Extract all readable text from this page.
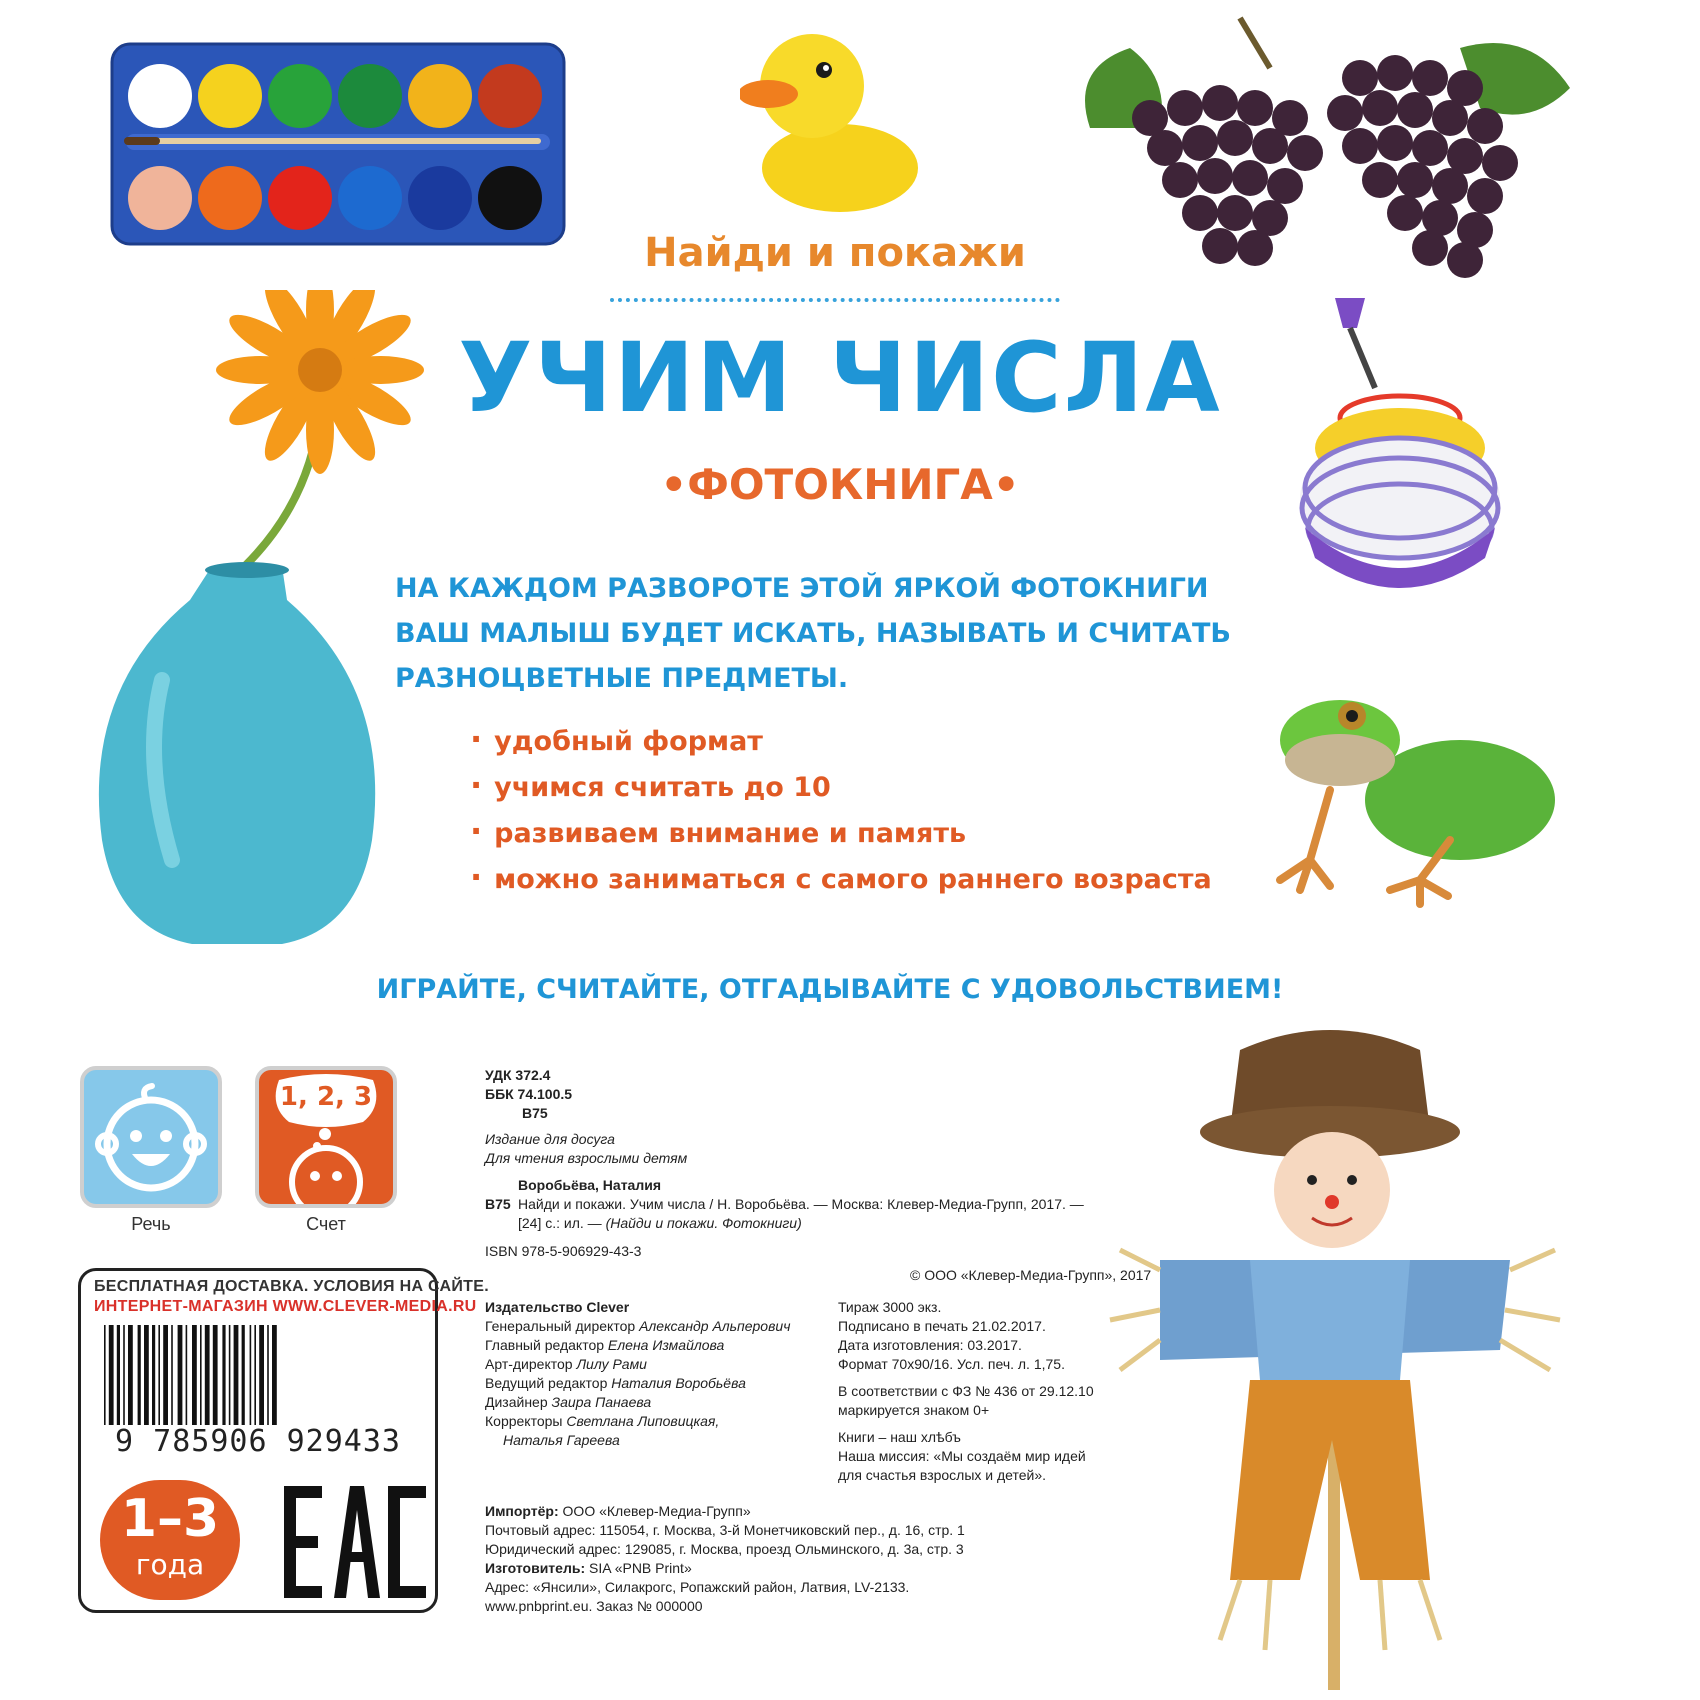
Найди и покажи
УЧИМ ЧИСЛА
•ФОТОКНИГА•
НА КАЖДОМ РАЗВОРОТЕ ЭТОЙ ЯРКОЙ ФОТОКНИГИ
ВАШ МАЛЫШ БУДЕТ ИСКАТЬ, НАЗЫВАТЬ И СЧИТАТЬ
РАЗНОЦВЕТНЫЕ ПРЕДМЕТЫ.
· удобный формат
· учимся считать до 10
· развиваем внимание и память
· можно заниматься с самого раннего возраста
ИГРАЙТЕ, СЧИТАЙТЕ, ОТГАДЫВАЙТЕ С УДОВОЛЬСТВИЕМ!
Речь
1, 2, 3
Счет
УДК 372.4
ББК 74.100.5
В75
Издание для досуга
Для чтения взрослыми детям
Воробьёва, Наталия
В75 Найди и покажи. Учим числа / Н. Воробьёва. — Москва: Клевер-Медиа-Групп, 2017. —
[24] с.: ил. — (Найди и покажи. Фотокниги)
ISBN 978-5-906929-43-3
© ООО «Клевер-Медиа-Групп», 2017
Издательство Clever
Генеральный директор Александр Альперович
Главный редактор Елена Измайлова
Арт-директор Лилу Рами
Ведущий редактор Наталия Воробьёва
Дизайнер Заира Панаева
Корректоры Светлана Липовицкая,
Наталья Гареева
Тираж 3000 экз.
Подписано в печать 21.02.2017.
Дата изготовления: 03.2017.
Формат 70х90/16. Усл. печ. л. 1,75.
В соответствии с ФЗ № 436 от 29.12.10
маркируется знаком 0+
Книги – наш хлѣбъ
Наша миссия: «Мы создаём мир идей
для счастья взрослых и детей».
Импортёр: ООО «Клевер-Медиа-Групп»
Почтовый адрес: 115054, г. Москва, 3-й Монетчиковский пер., д. 16, стр. 1
Юридический адрес: 129085, г. Москва, проезд Ольминского, д. 3а, стр. 3
Изготовитель: SIA «PNB Print»
Адрес: «Янсили», Силакрогс, Ропажский район, Латвия, LV-2133.
www.pnbprint.eu. Заказ № 000000
БЕСПЛАТНАЯ ДОСТАВКА. УСЛОВИЯ НА САЙТЕ.
ИНТЕРНЕТ-МАГАЗИН WWW.CLEVER-MEDIA.RU
9 785906 929433
1–3
года
